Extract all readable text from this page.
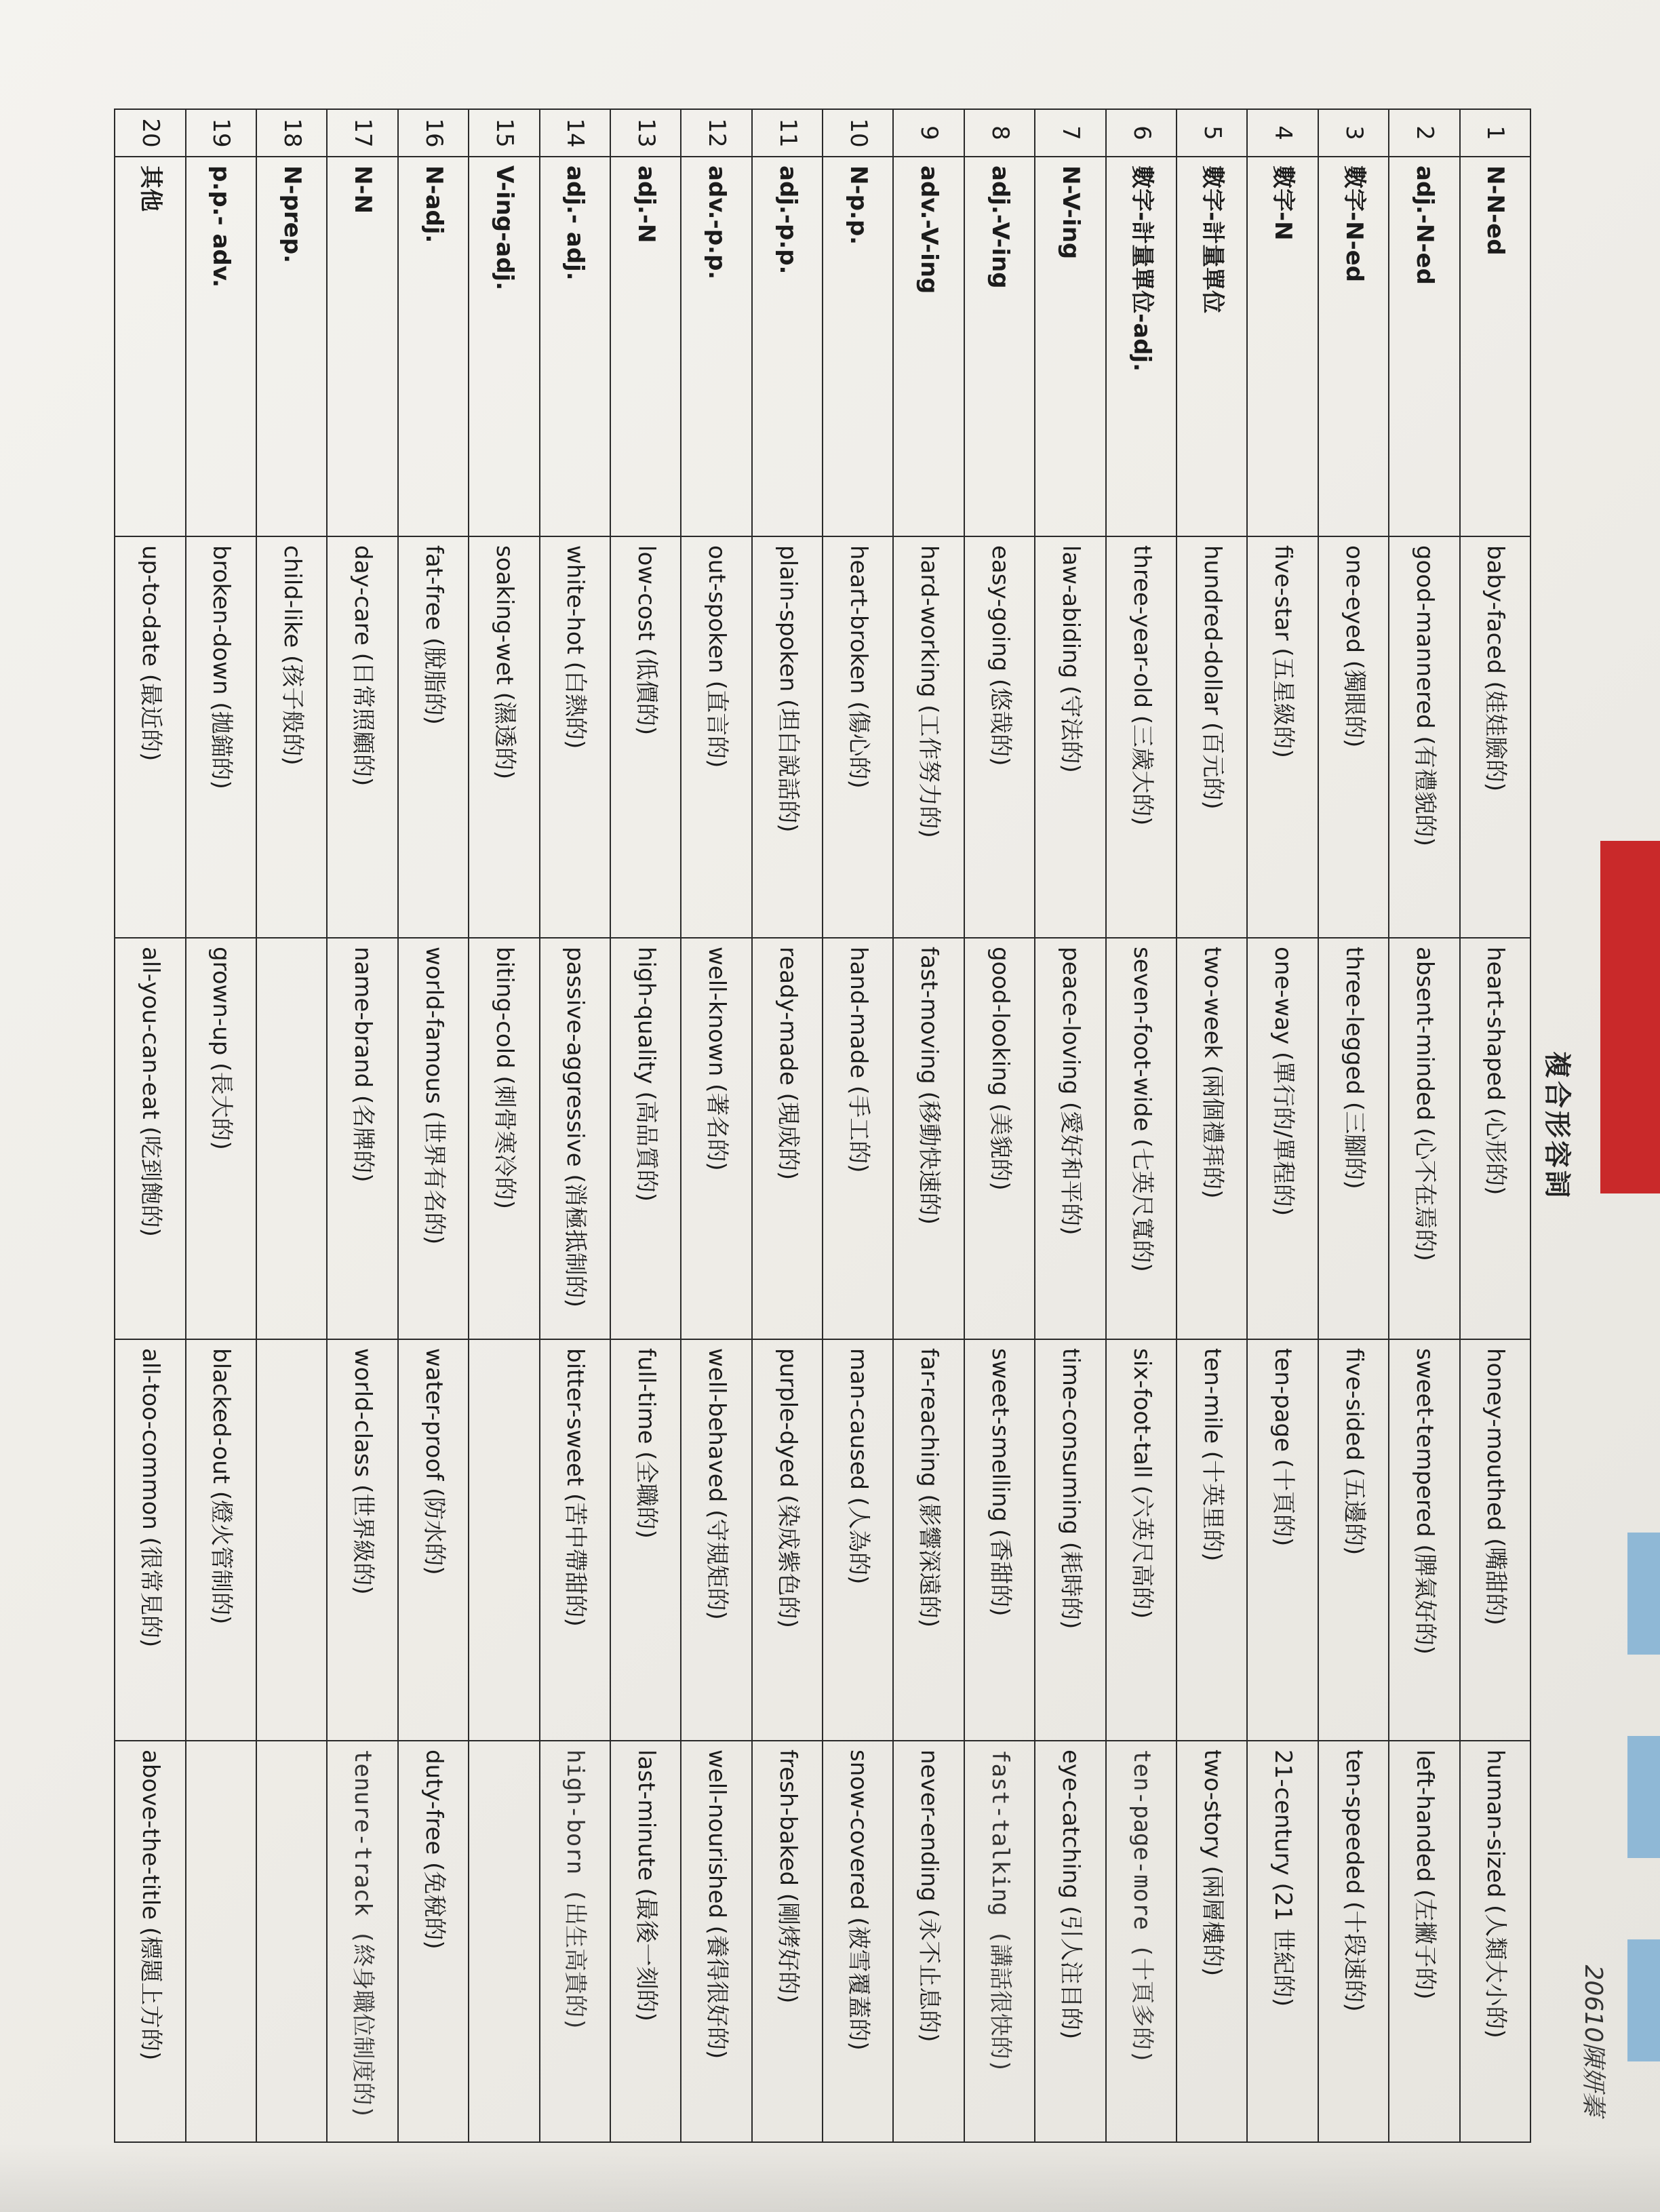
複合形容詞
20610陳妍蓁
1	N-N-ed	baby-faced (娃娃臉的)	heart-shaped (心形的)	honey-mouthed (嘴甜的)	human-sized (人類大小的)
2	adj.-N-ed	good-mannered (有禮貌的)	absent-minded (心不在焉的)	sweet-tempered (脾氣好的)	left-handed (左撇子的)
3	數字-N-ed	one-eyed (獨眼的)	three-legged (三腳的)	five-sided (五邊的)	ten-speeded (十段速的)
4	數字-N	five-star (五星級的)	one-way (單行的/單程的)	ten-page (十頁的)	21-century (21 世紀的)
5	數字-計量單位	hundred-dollar (百元的)	two-week (兩個禮拜的)	ten-mile (十英里的)	two-story (兩層樓的)
6	數字-計量單位-adj.	three-year-old (三歲大的)	seven-foot-wide (七英尺寬的)	six-foot-tall (六英尺高的)	ten-page-more (十頁多的)
7	N-V-ing	law-abiding (守法的)	peace-loving (愛好和平的)	time-consuming (耗時的)	eye-catching (引人注目的)
8	adj.-V-ing	easy-going (悠哉的)	good-looking (美貌的)	sweet-smelling (香甜的)	fast-talking (講話很快的)
9	adv.-V-ing	hard-working (工作努力的)	fast-moving (移動快速的)	far-reaching (影響深遠的)	never-ending (永不止息的)
10	N-p.p.	heart-broken (傷心的)	hand-made (手工的)	man-caused (人為的)	snow-covered (被雪覆蓋的)
11	adj.-p.p.	plain-spoken (坦白說話的)	ready-made (現成的)	purple-dyed (染成紫色的)	fresh-baked (剛烤好的)
12	adv.-p.p.	out-spoken (直言的)	well-known (著名的)	well-behaved (守規矩的)	well-nourished (養得很好的)
13	adj.-N	low-cost (低價的)	high-quality (高品質的)	full-time (全職的)	last-minute (最後一刻的)
14	adj.- adj.	white-hot (白熱的)	passive-aggressive (消極抵制的)	bitter-sweet (苦中帶甜的)	high-born (出生高貴的)
15	V-ing-adj.	soaking-wet (濕透的)	biting-cold (刺骨寒冷的)		
16	N-adj.	fat-free (脫脂的)	world-famous (世界有名的)	water-proof (防水的)	duty-free (免稅的)
17	N-N	day-care (日常照顧的)	name-brand (名牌的)	world-class (世界級的)	tenure-track (終身職位制度的)
18	N-prep.	child-like (孩子般的)			
19	p.p.- adv.	broken-down (拋錨的)	grown-up (長大的)	blacked-out (燈火管制的)	
20	其他	up-to-date (最近的)	all-you-can-eat (吃到飽的)	all-too-common (很常見的)	above-the-title (標題上方的)
